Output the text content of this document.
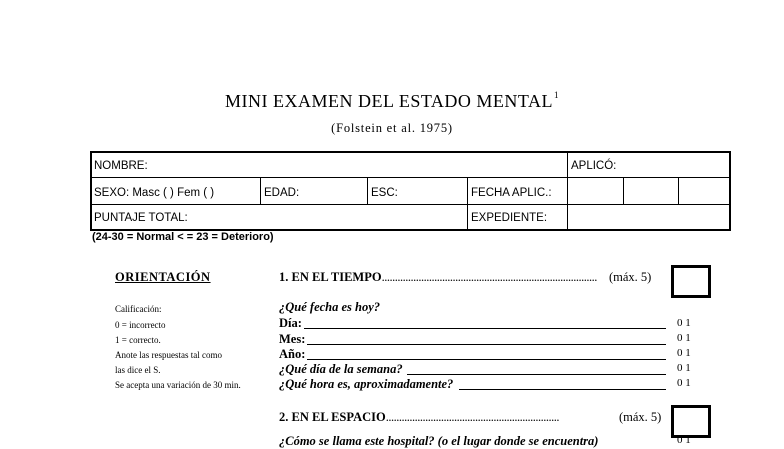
MINI EXAMEN DEL ESTADO MENTAL$^1$
(Folstein et al. 1975)
NOMBRE:	APLICÓ:
SEXO: Masc ( ) Fem ( )	EDAD:	ESC:	FECHA APLIC.:
PUNTAJE TOTAL:	EXPEDIENTE:
(24-30 = Normal < = 23 = Deterioro)
ORIENTACIÓN
Calificación:
0 = incorrecto
1 = correcto.
Anote las respuestas tal como
las dice el S.
Se acepta una variación de 30 min.
1. EN EL TIEMPO.................................................................................. (máx. 5)
¿Qué fecha es hoy?
Día:	0 1
Mes:	0 1
Año:	0 1
¿Qué día de la semana?	0 1
¿Qué hora es, aproximadamente?	0 1
2. EN EL ESPACIO..................................................................	(máx. 5)
¿Cómo se llama este hospital? (o el lugar donde se encuentra)	0 1
